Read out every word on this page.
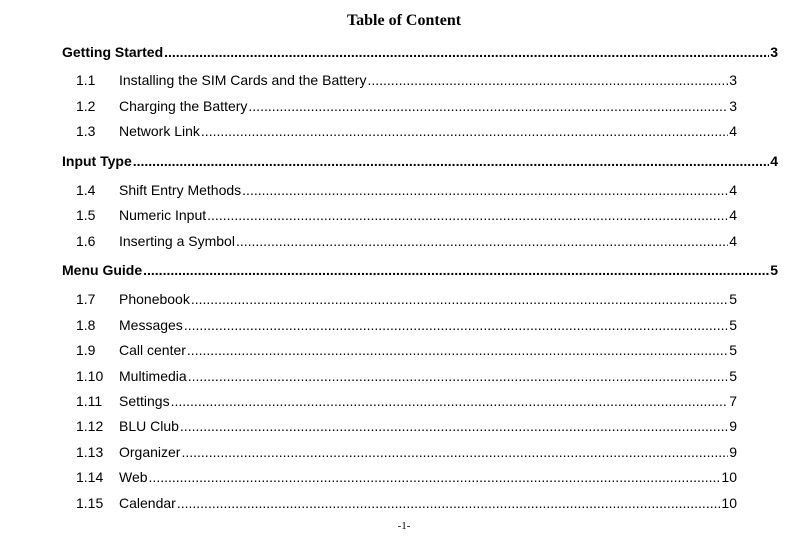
Table of Content
Getting Started .....	3
1.1	Installing the SIM Cards and the Battery .....	3
1.2	Charging the Battery .....	3
1.3	Network Link .....	4
Input Type .....	4
1.4	Shift Entry Methods .....	4
1.5	Numeric Input .....	4
1.6	Inserting a Symbol .....	4
Menu Guide .....	5
1.7	Phonebook .....	5
1.8	Messages .....	5
1.9	Call center .....	5
1.10	Multimedia .....	5
1.11	Settings .....	7
1.12	BLU Club .....	9
1.13	Organizer .....	9
1.14	Web .....	10
1.15	Calendar .....	10
-1-
